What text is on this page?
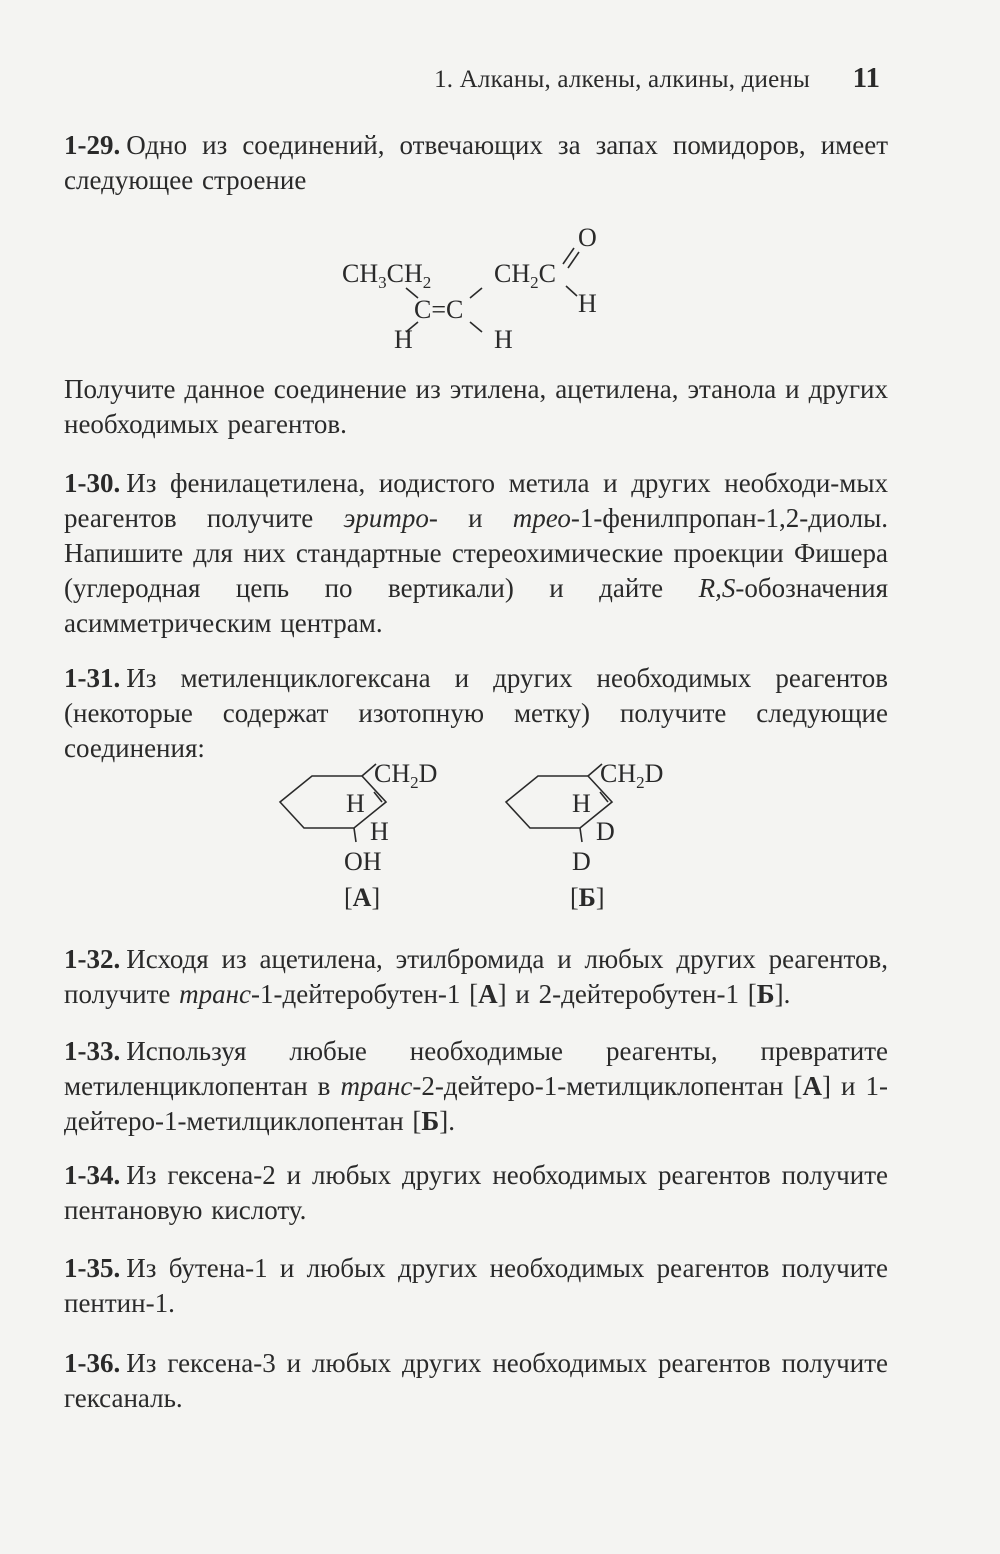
1. Алканы, алкены, алкины, диены 11

1-29. Одно из соединений, отвечающих за запах помидоров, имеет следующее строение

$CH_3CH_2$ $CH_2C$
O
H
C=C
H	H

Получите данное соединение из этилена, ацетилена, этанола и других необходимых реагентов.

1-30. Из фенилацетилена, иодистого метила и других необходи-мых реагентов получите эритро- и трео-1-фенилпропан-1,2-диолы. Напишите для них стандартные стереохимические проекции Фишера (углеродная цепь по вертикали) и дайте R,S-обозначения асимметрическим центрам.

1-31. Из метиленциклогексана и других необходимых реагентов (некоторые содержат изотопную метку) получите следующие соединения:

$CH_2D$
H
H
OH
[А]
$CH_2D$
H
D
D
[Б]

1-32. Исходя из ацетилена, этилбромида и любых других реагентов, получите транс-1-дейтеробутен-1 [А] и 2-дейтеробутен-1 [Б].

1-33. Используя любые необходимые реагенты, превратите метиленциклопентан в транс-2-дейтеро-1-метилциклопентан [А] и 1-дейтеро-1-метилциклопентан [Б].

1-34. Из гексена-2 и любых других необходимых реагентов получите пентановую кислоту.

1-35. Из бутена-1 и любых других необходимых реагентов получите пентин-1.

1-36. Из гексена-3 и любых других необходимых реагентов получите гексаналь.
